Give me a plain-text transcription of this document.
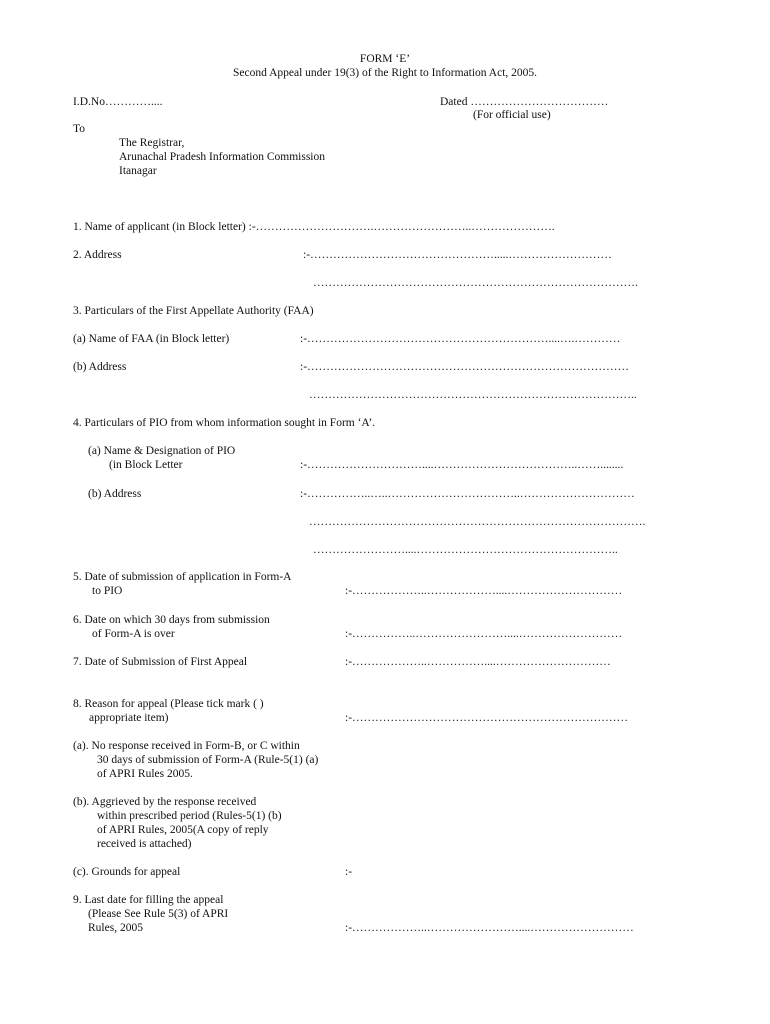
FORM ‘E’
Second Appeal under 19(3) of the Right to Information Act, 2005.
I.D.No…………....	Dated ………………………………
(For official use)
To
The Registrar,
Arunachal Pradesh Information Commission
Itanagar
1. Name of applicant (in Block letter) :-………………………….……………………..………………….
2. Address	:-………………………………………….....………………………
………………………………………………………………………….
3. Particulars of the First Appellate Authority (FAA)
(a) Name of FAA (in Block letter)	:-………………………………………………………....….…………
(b) Address	:-…………………………………………………………………………
…………………………………………………………………………..
4. Particulars of PIO from whom information sought in Form ‘A’.
(a) Name & Designation of PIO
(in Block Letter	:-…………………………....………………………………..……........
(b) Address	:-……………..…..……………………………..…………………………
…………………………………………………………………………….
……………………....……………………………………………..
5. Date of submission of application in Form-A
to PIO	:-………………..………………....…………………………
6. Date on which 30 days from submission
of Form-A is over	:-……………..……………………....………………………
7. Date of Submission of First Appeal	:-………………..……………....…………………………
8. Reason for appeal (Please tick mark ( )
appropriate item)	:-………………………………………………………………
(a). No response received in Form-B, or C within
30 days of submission of Form-A (Rule-5(1) (a)
of APRI Rules 2005.
(b). Aggrieved by the response received
within prescribed period (Rules-5(1) (b)
of APRI Rules, 2005(A copy of reply
received is attached)
(c). Grounds for appeal	:-
9. Last date for filling the appeal
(Please See Rule 5(3) of APRI
Rules, 2005	:-………………..……………………....………………………
